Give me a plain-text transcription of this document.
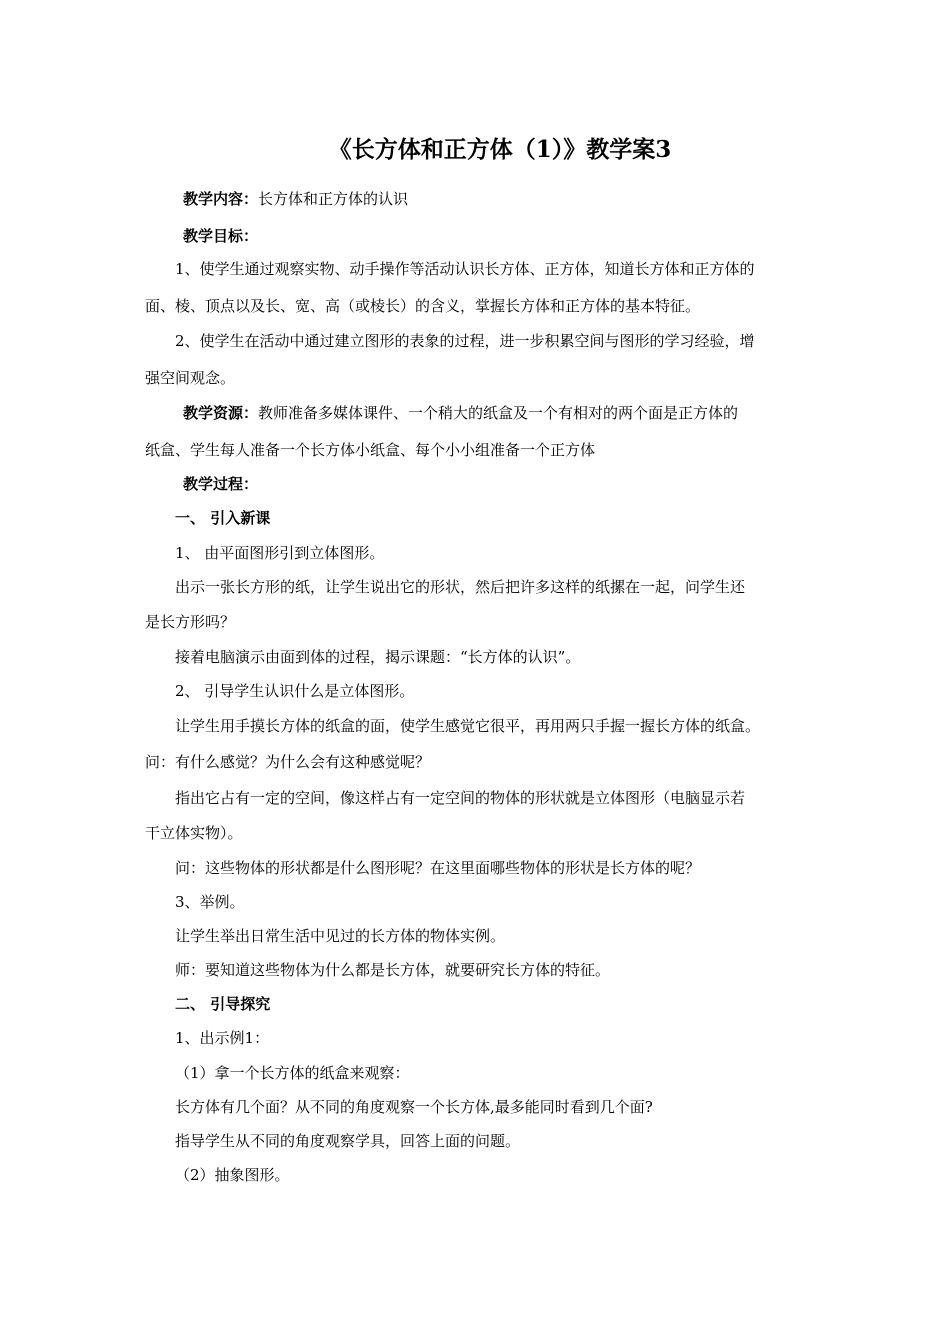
《长方体和正方体（1）》教学案3
教学内容：长方体和正方体的认识
教学目标：
1、使学生通过观察实物、动手操作等活动认识长方体、正方体，知道长方体和正方体的
面、棱、顶点以及长、宽、高（或棱长）的含义，掌握长方体和正方体的基本特征。
2、使学生在活动中通过建立图形的表象的过程，进一步积累空间与图形的学习经验，增
强空间观念。
教学资源：教师准备多媒体课件、一个稍大的纸盒及一个有相对的两个面是正方体的
纸盒、学生每人准备一个长方体小纸盒、每个小小组准备一个正方体
教学过程：
一、 引入新课
1、 由平面图形引到立体图形。
出示一张长方形的纸，让学生说出它的形状，然后把许多这样的纸摞在一起，问学生还
是长方形吗？
接着电脑演示由面到体的过程，揭示课题：“长方体的认识”。
2、 引导学生认识什么是立体图形。
让学生用手摸长方体的纸盒的面，使学生感觉它很平，再用两只手握一握长方体的纸盒。
问：有什么感觉？为什么会有这种感觉呢？
指出它占有一定的空间，像这样占有一定空间的物体的形状就是立体图形（电脑显示若
干立体实物）。
问：这些物体的形状都是什么图形呢？在这里面哪些物体的形状是长方体的呢？
3、举例。
让学生举出日常生活中见过的长方体的物体实例。
师：要知道这些物体为什么都是长方体，就要研究长方体的特征。
二、 引导探究
1、出示例1：
（1）拿一个长方体的纸盒来观察：
长方体有几个面？从不同的角度观察一个长方体,最多能同时看到几个面?
指导学生从不同的角度观察学具，回答上面的问题。
（2）抽象图形。
